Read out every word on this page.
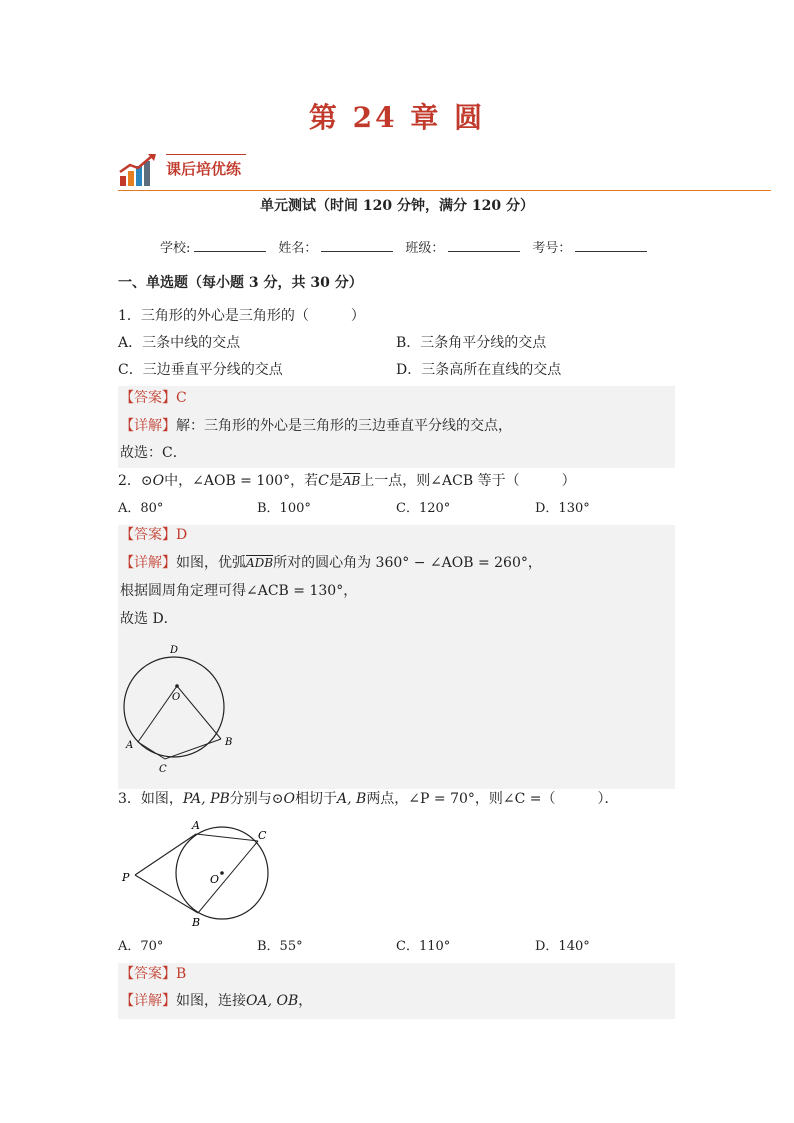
第 24 章 圆
课后培优练
单元测试（时间 120 分钟，满分 120 分）
学校:	姓名：	班级：	考号：
一、单选题（每小题 3 分，共 30 分）
1．三角形的外心是三角形的（　　　）
A．三条中线的交点	B．三条角平分线的交点
C．三边垂直平分线的交点	D．三条高所在直线的交点
【答案】C
【详解】解：三角形的外心是三角形的三边垂直平分线的交点，
故选：C．
2．⊙O中，∠AOB = 100°，若C是$\overline{AB}$上一点，则∠ACB 等于（　　　）
A．80°	B．100°	C．120°	D．130°
【答案】D
【详解】如图，优弧$\overline{ADB}$所对的圆心角为 360° − ∠AOB = 260°，
根据圆周角定理可得∠ACB = 130°，
故选 D．
D
O
A	B
C
3．如图，PA, PB分别与⊙O相切于A, B两点，∠P = 70°，则∠C =（　　　）．
A
C
P	O
B
A．70°	B．55°	C．110°	D．140°
【答案】B
【详解】如图，连接OA, OB，
